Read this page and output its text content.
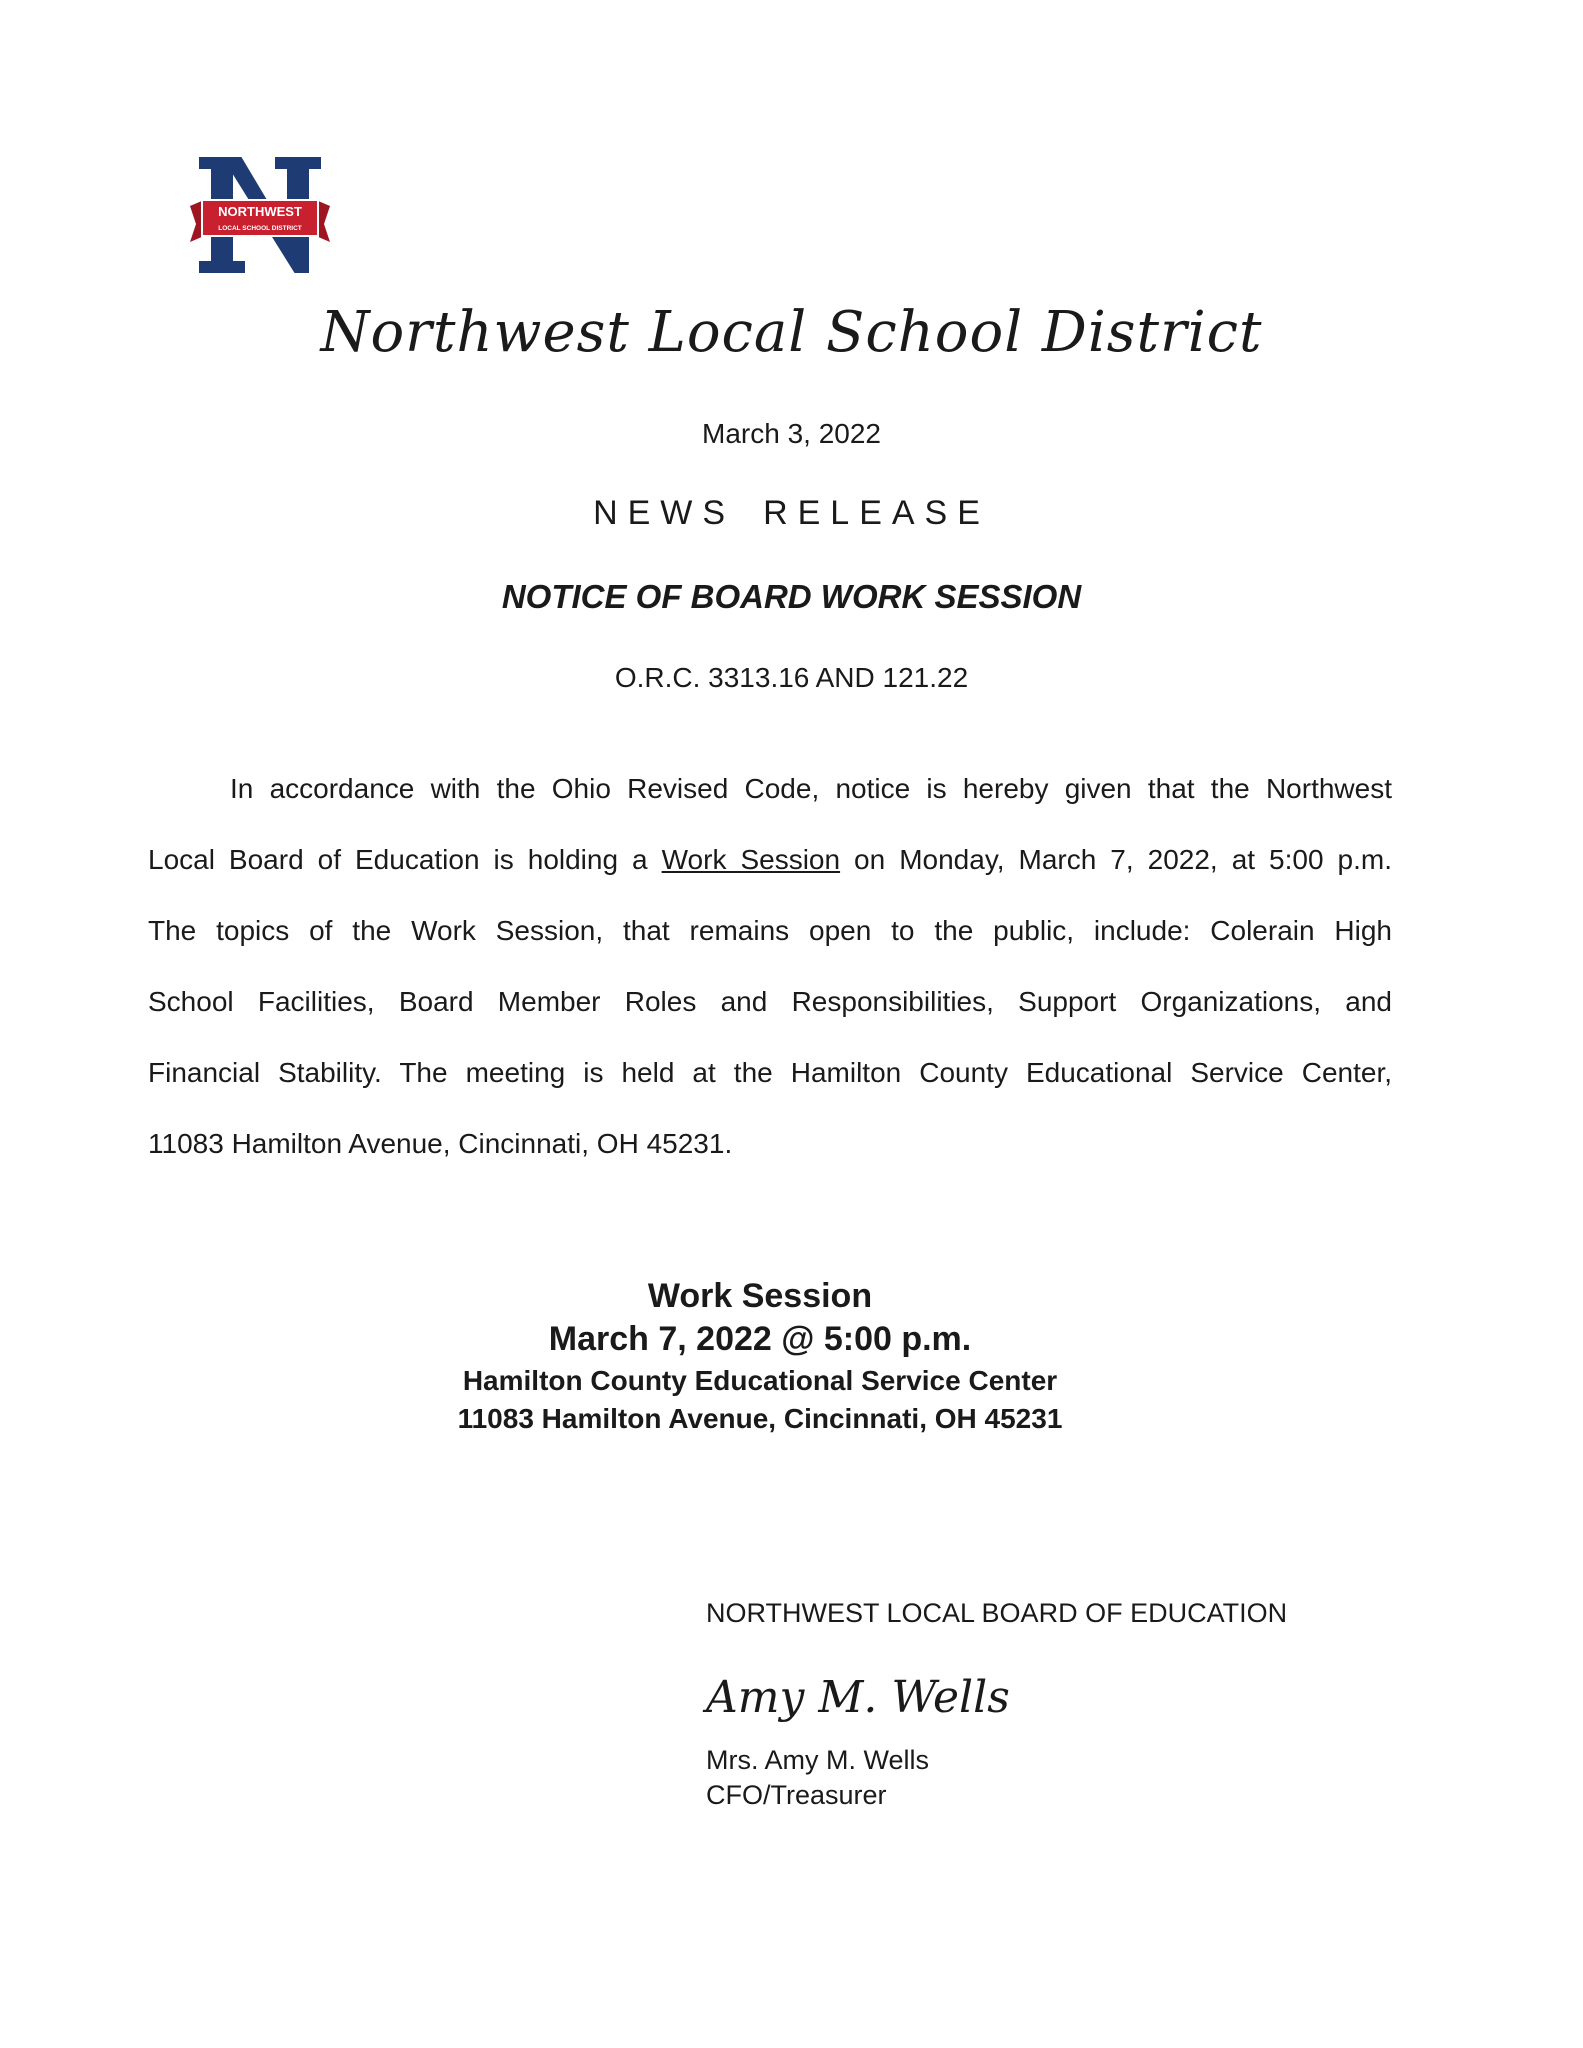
NORTHWEST
LOCAL SCHOOL DISTRICT
Northwest Local School District
March 3, 2022
NEWS RELEASE
NOTICE OF BOARD WORK SESSION
O.R.C. 3313.16 AND 121.22
In accordance with the Ohio Revised Code, notice is hereby given that the Northwest
Local Board of Education is holding a Work Session on Monday, March 7, 2022, at 5:00 p.m.
The topics of the Work Session, that remains open to the public, include: Colerain High
School Facilities, Board Member Roles and Responsibilities, Support Organizations, and
Financial Stability. The meeting is held at the Hamilton County Educational Service Center,
11083 Hamilton Avenue, Cincinnati, OH 45231.
Work Session
March 7, 2022 @ 5:00 p.m.
Hamilton County Educational Service Center
11083 Hamilton Avenue, Cincinnati, OH 45231
NORTHWEST LOCAL BOARD OF EDUCATION
Amy M. Wells
Mrs. Amy M. Wells
CFO/Treasurer
